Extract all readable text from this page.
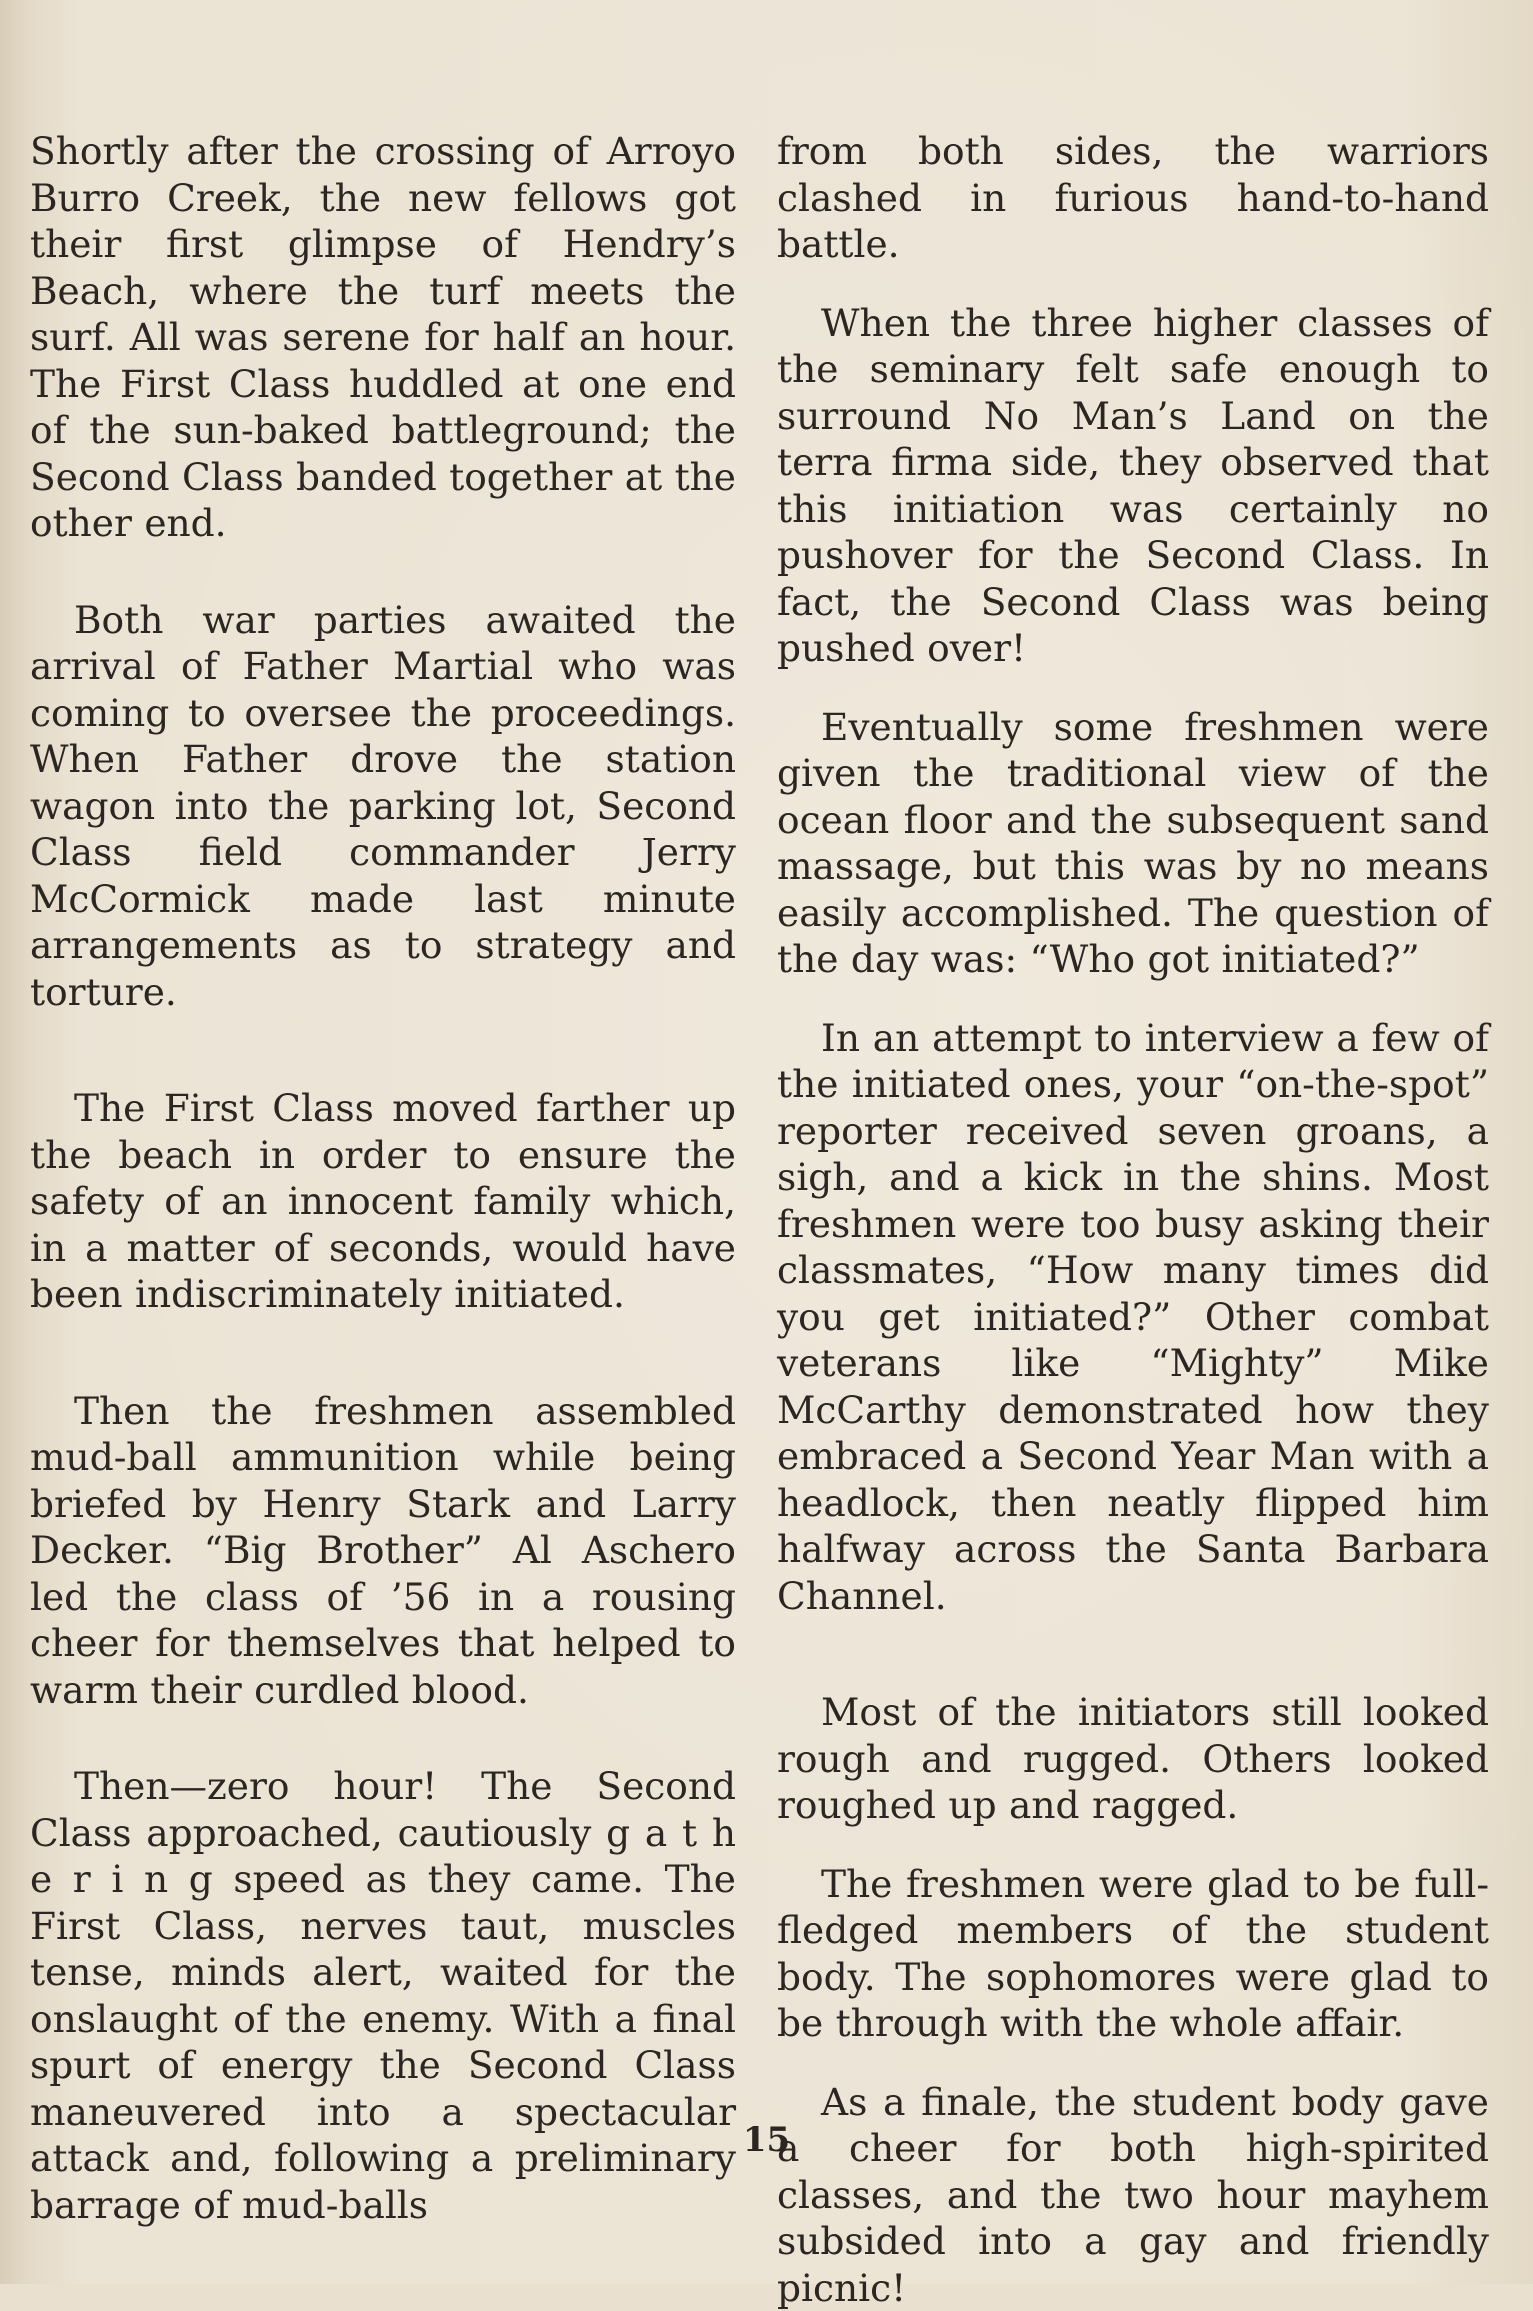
Shortly after the crossing of Arroyo Burro Creek, the new fellows got their first glimpse of Hendry’s Beach, where the turf meets the surf. All was serene for half an hour. The First Class huddled at one end of the sun-baked battleground; the Second Class banded together at the other end.

Both war parties awaited the arrival of Father Martial who was coming to oversee the proceedings. When Father drove the station wagon into the parking lot, Second Class field commander Jerry McCormick made last minute arrangements as to strategy and torture.

The First Class moved farther up the beach in order to ensure the safety of an innocent family which, in a matter of seconds, would have been indiscriminately initiated.

Then the freshmen assembled mud-ball ammunition while being briefed by Henry Stark and Larry Decker. “Big Brother” Al Aschero led the class of ’56 in a rousing cheer for themselves that helped to warm their curdled blood.

Then—zero hour! The Second Class approached, cautiously g a t h e r i n g speed as they came. The First Class, nerves taut, muscles tense, minds alert, waited for the onslaught of the enemy. With a final spurt of energy the Second Class maneuvered into a spectacular attack and, following a preliminary barrage of mud-balls

from both sides, the warriors clashed in furious hand-to-hand battle.

When the three higher classes of the seminary felt safe enough to surround No Man’s Land on the terra firma side, they observed that this initiation was certainly no pushover for the Second Class. In fact, the Second Class was being pushed over!

Eventually some freshmen were given the traditional view of the ocean floor and the subsequent sand massage, but this was by no means easily accomplished. The question of the day was: “Who got initiated?”

In an attempt to interview a few of the initiated ones, your “on-the-spot” reporter received seven groans, a sigh, and a kick in the shins. Most freshmen were too busy asking their classmates, “How many times did you get initiated?” Other combat veterans like “Mighty” Mike McCarthy demonstrated how they embraced a Second Year Man with a headlock, then neatly flipped him halfway across the Santa Barbara Channel.

Most of the initiators still looked rough and rugged. Others looked roughed up and ragged.

The freshmen were glad to be full-fledged members of the student body. The sophomores were glad to be through with the whole affair.

As a finale, the student body gave a cheer for both high-spirited classes, and the two hour mayhem subsided into a gay and friendly picnic!

15
